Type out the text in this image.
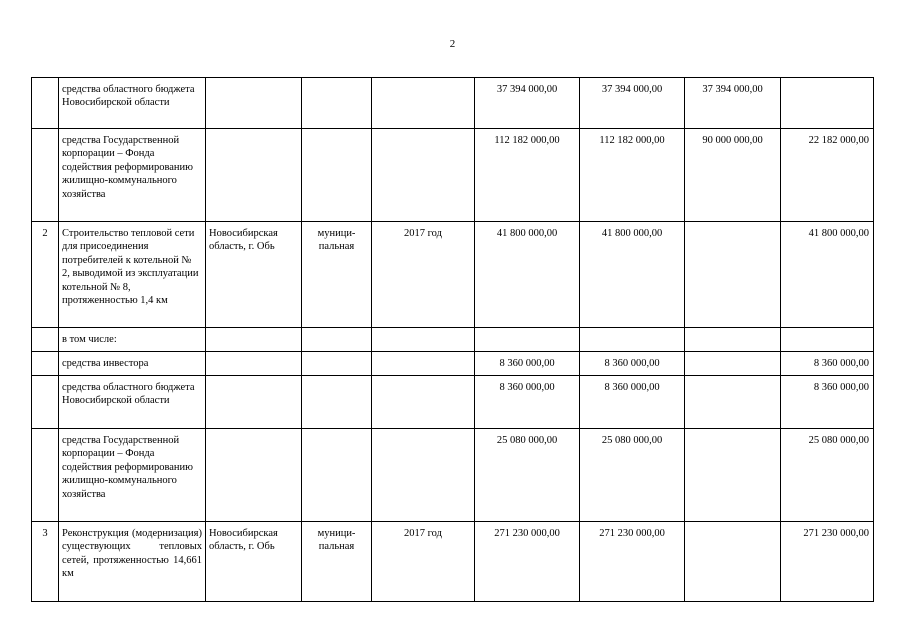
2
	средства областного бюджета Новосибирской области				37 394 000,00	37 394 000,00	37 394 000,00	
	средства Государственной корпорации – Фонда содействия реформированию жилищно-коммунального хозяйства				112 182 000,00	112 182 000,00	90 000 000,00	22 182 000,00
2	Строительство тепловой сети для присоединения потребителей к котельной № 2, выводимой из эксплуатации котельной № 8, протяженностью 1,4 км	Новосибирская область, г. Обь	муници-пальная	2017 год	41 800 000,00	41 800 000,00		41 800 000,00
	в том числе:							
	средства инвестора				8 360 000,00	8 360 000,00		8 360 000,00
	средства областного бюджета Новосибирской области				8 360 000,00	8 360 000,00		8 360 000,00
	средства Государственной корпорации – Фонда содействия реформированию жилищно-коммунального хозяйства				25 080 000,00	25 080 000,00		25 080 000,00
3	Реконструкция (модернизация) существующих тепловых сетей, протяженностью 14,661 км	Новосибирская область, г. Обь	муници-пальная	2017 год	271 230 000,00	271 230 000,00		271 230 000,00
